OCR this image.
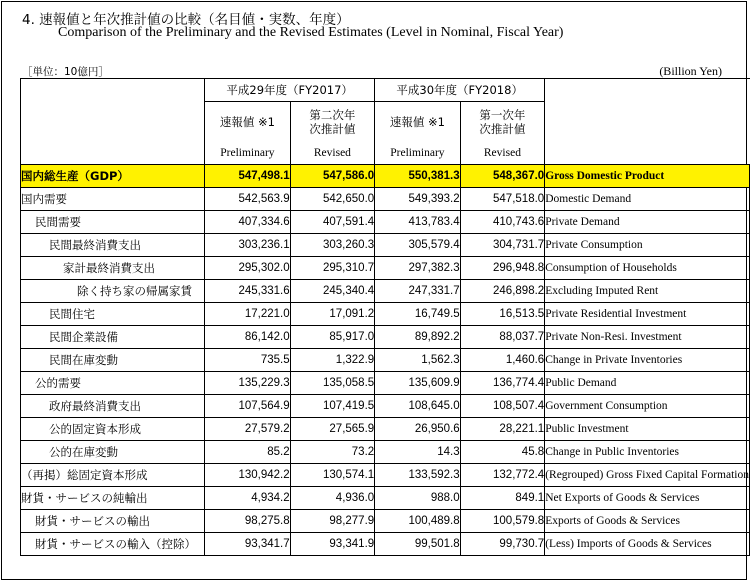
4. 速報値と年次推計値の比較（名目値・実数、年度）
Comparison of the Preliminary and the Revised Estimates (Level in Nominal, Fiscal Year)
［単位：10億円］	(Billion Yen)
	平成29年度（FY2017）		平成30年度（FY2018）		
	速報値 ※1	第二次年次推計値	速報値 ※1	第一次年次推計値	
	Preliminary	Revised	Preliminary	Revised	
国内総生産（GDP）	547,498.1	547,586.0	550,381.3	548,367.0	Gross Domestic Product
国内需要	542,563.9	542,650.0	549,393.2	547,518.0	Domestic Demand
民間需要	407,334.6	407,591.4	413,783.4	410,743.6	Private Demand
民間最終消費支出	303,236.1	303,260.3	305,579.4	304,731.7	Private Consumption
家計最終消費支出	295,302.0	295,310.7	297,382.3	296,948.8	Consumption of Households
除く持ち家の帰属家賃	245,331.6	245,340.4	247,331.7	246,898.2	Excluding Imputed Rent
民間住宅	17,221.0	17,091.2	16,749.5	16,513.5	Private Residential Investment
民間企業設備	86,142.0	85,917.0	89,892.2	88,037.7	Private Non-Resi. Investment
民間在庫変動	735.5	1,322.9	1,562.3	1,460.6	Change in Private Inventories
公的需要	135,229.3	135,058.5	135,609.9	136,774.4	Public Demand
政府最終消費支出	107,564.9	107,419.5	108,645.0	108,507.4	Government Consumption
公的固定資本形成	27,579.2	27,565.9	26,950.6	28,221.1	Public Investment
公的在庫変動	85.2	73.2	14.3	45.8	Change in Public Inventories
（再掲）総固定資本形成	130,942.2	130,574.1	133,592.3	132,772.4	(Regrouped) Gross Fixed Capital Formation
財貨・サービスの純輸出	4,934.2	4,936.0	988.0	849.1	Net Exports of Goods & Services
財貨・サービスの輸出	98,275.8	98,277.9	100,489.8	100,579.8	Exports of Goods & Services
財貨・サービスの輸入（控除）	93,341.7	93,341.9	99,501.8	99,730.7	(Less) Imports of Goods & Services
